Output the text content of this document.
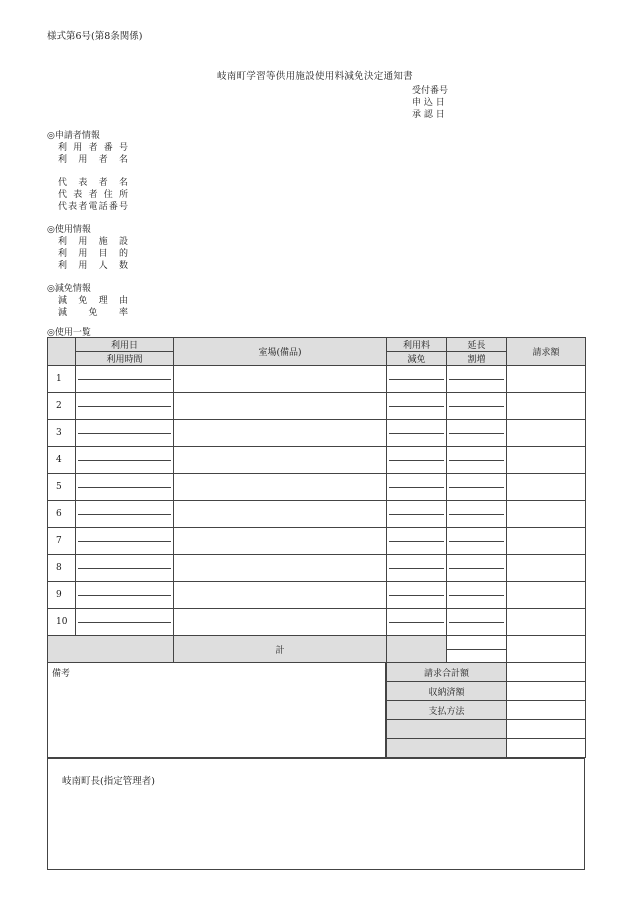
様式第6号(第8条関係)
岐南町学習等供用施設使用料減免決定通知書
受付番号
申 込 日
承 認 日
◎申請者情報
利用者番号
利用者名
代表者名
代表者住所
代表者電話番号
◎使用情報
利用施設
利用目的
利用人数
◎減免情報
減免理由
減免率
◎使用一覧
	利用日	室場(備品)	利用料	延長	請求額
	利用時間		減免	割増	
1	

2	

3	

4	

5	

6	

7	

8	

9	

10	

		計		

備考	請求合計額	
収納済額	
支払方法	

岐南町長(指定管理者)
